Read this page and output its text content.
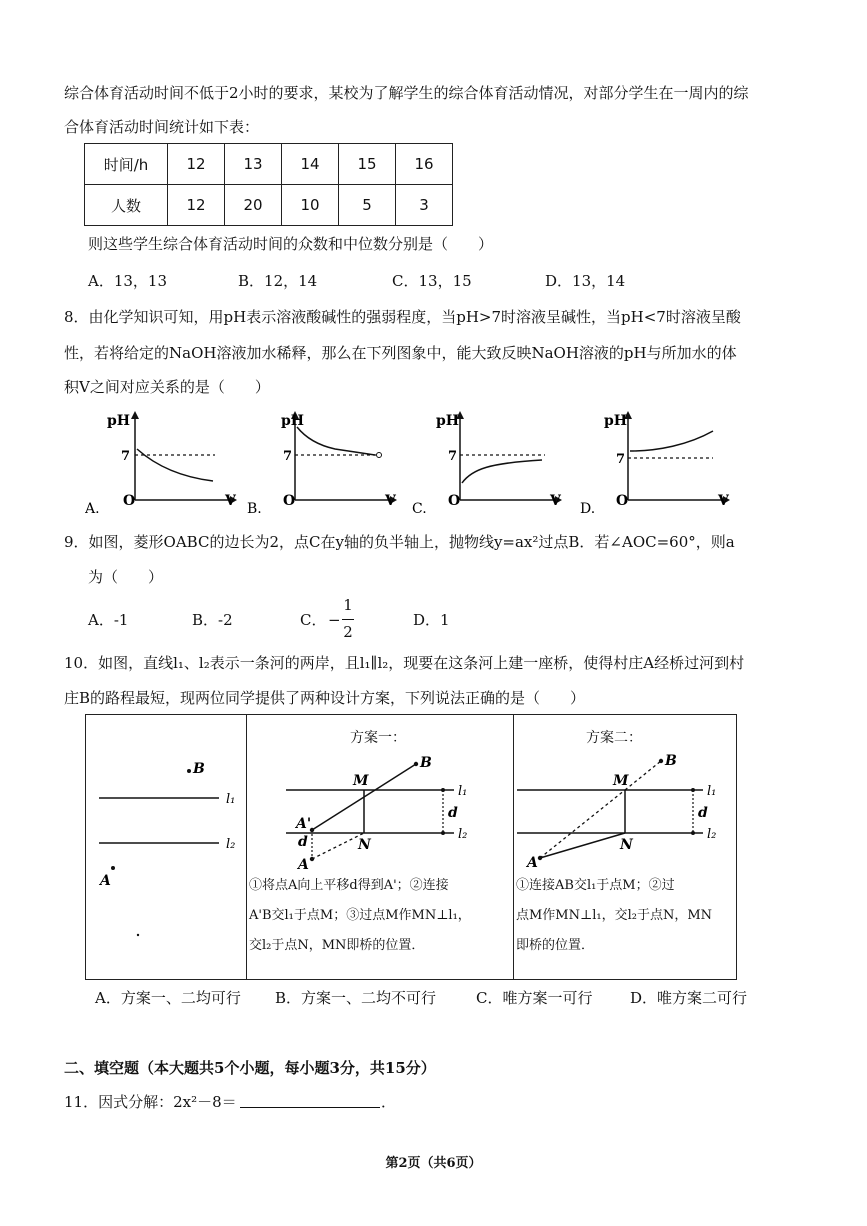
综合体育活动时间不低于2小时的要求，某校为了解学生的综合体育活动情况，对部分学生在一周内的综
合体育活动时间统计如下表：
时间/h	12	13	14	15	16
人数	12	20	10	5	3
则这些学生综合体育活动时间的众数和中位数分别是（　　）
A．13，13	B．12，14	C．13，15	D．13，14
8．由化学知识可知，用pH表示溶液酸碱性的强弱程度，当pH>7时溶液呈碱性，当pH<7时溶液呈酸
性，若将给定的NaOH溶液加水稀释，那么在下列图象中，能大致反映NaOH溶液的pH与所加水的体
积V之间对应关系的是（　　）
pH
7
O	V
A.
pH
7
O	V
B.
pH
7
O	V
C.
pH
7
O	V
D.
9．如图，菱形OABC的边长为2，点C在y轴的负半轴上，抛物线y=ax²过点B．若∠AOC=60°，则a
为（　　）
A．-1	B．-2	C． −
1
2
D．1
10．如图，直线l₁、l₂表示一条河的两岸，且l₁∥l₂，现要在这条河上建一座桥，使得村庄A经桥过河到村
庄B的路程最短，现两位同学提供了两种设计方案，下列说法正确的是（　　）
B
l₁
l₂
A
方案一：
B
M
N
A'
d
A
d
l₁
l₂
①将点A向上平移d得到A'；②连接
A'B交l₁于点M；③过点M作MN⊥l₁，
交l₂于点N，MN即桥的位置．
方案二：
B
M
N
A
d
l₁
l₂
①连接AB交l₁于点M；②过
点M作MN⊥l₁，交l₂于点N，MN
即桥的位置．
A．方案一、二均可行 B．方案一、二均不可行	C．唯方案一可行	D．唯方案二可行
二、填空题（本大题共5个小题，每小题3分，共15分）
11．因式分解：2x²－8＝	．
第2页（共6页）
